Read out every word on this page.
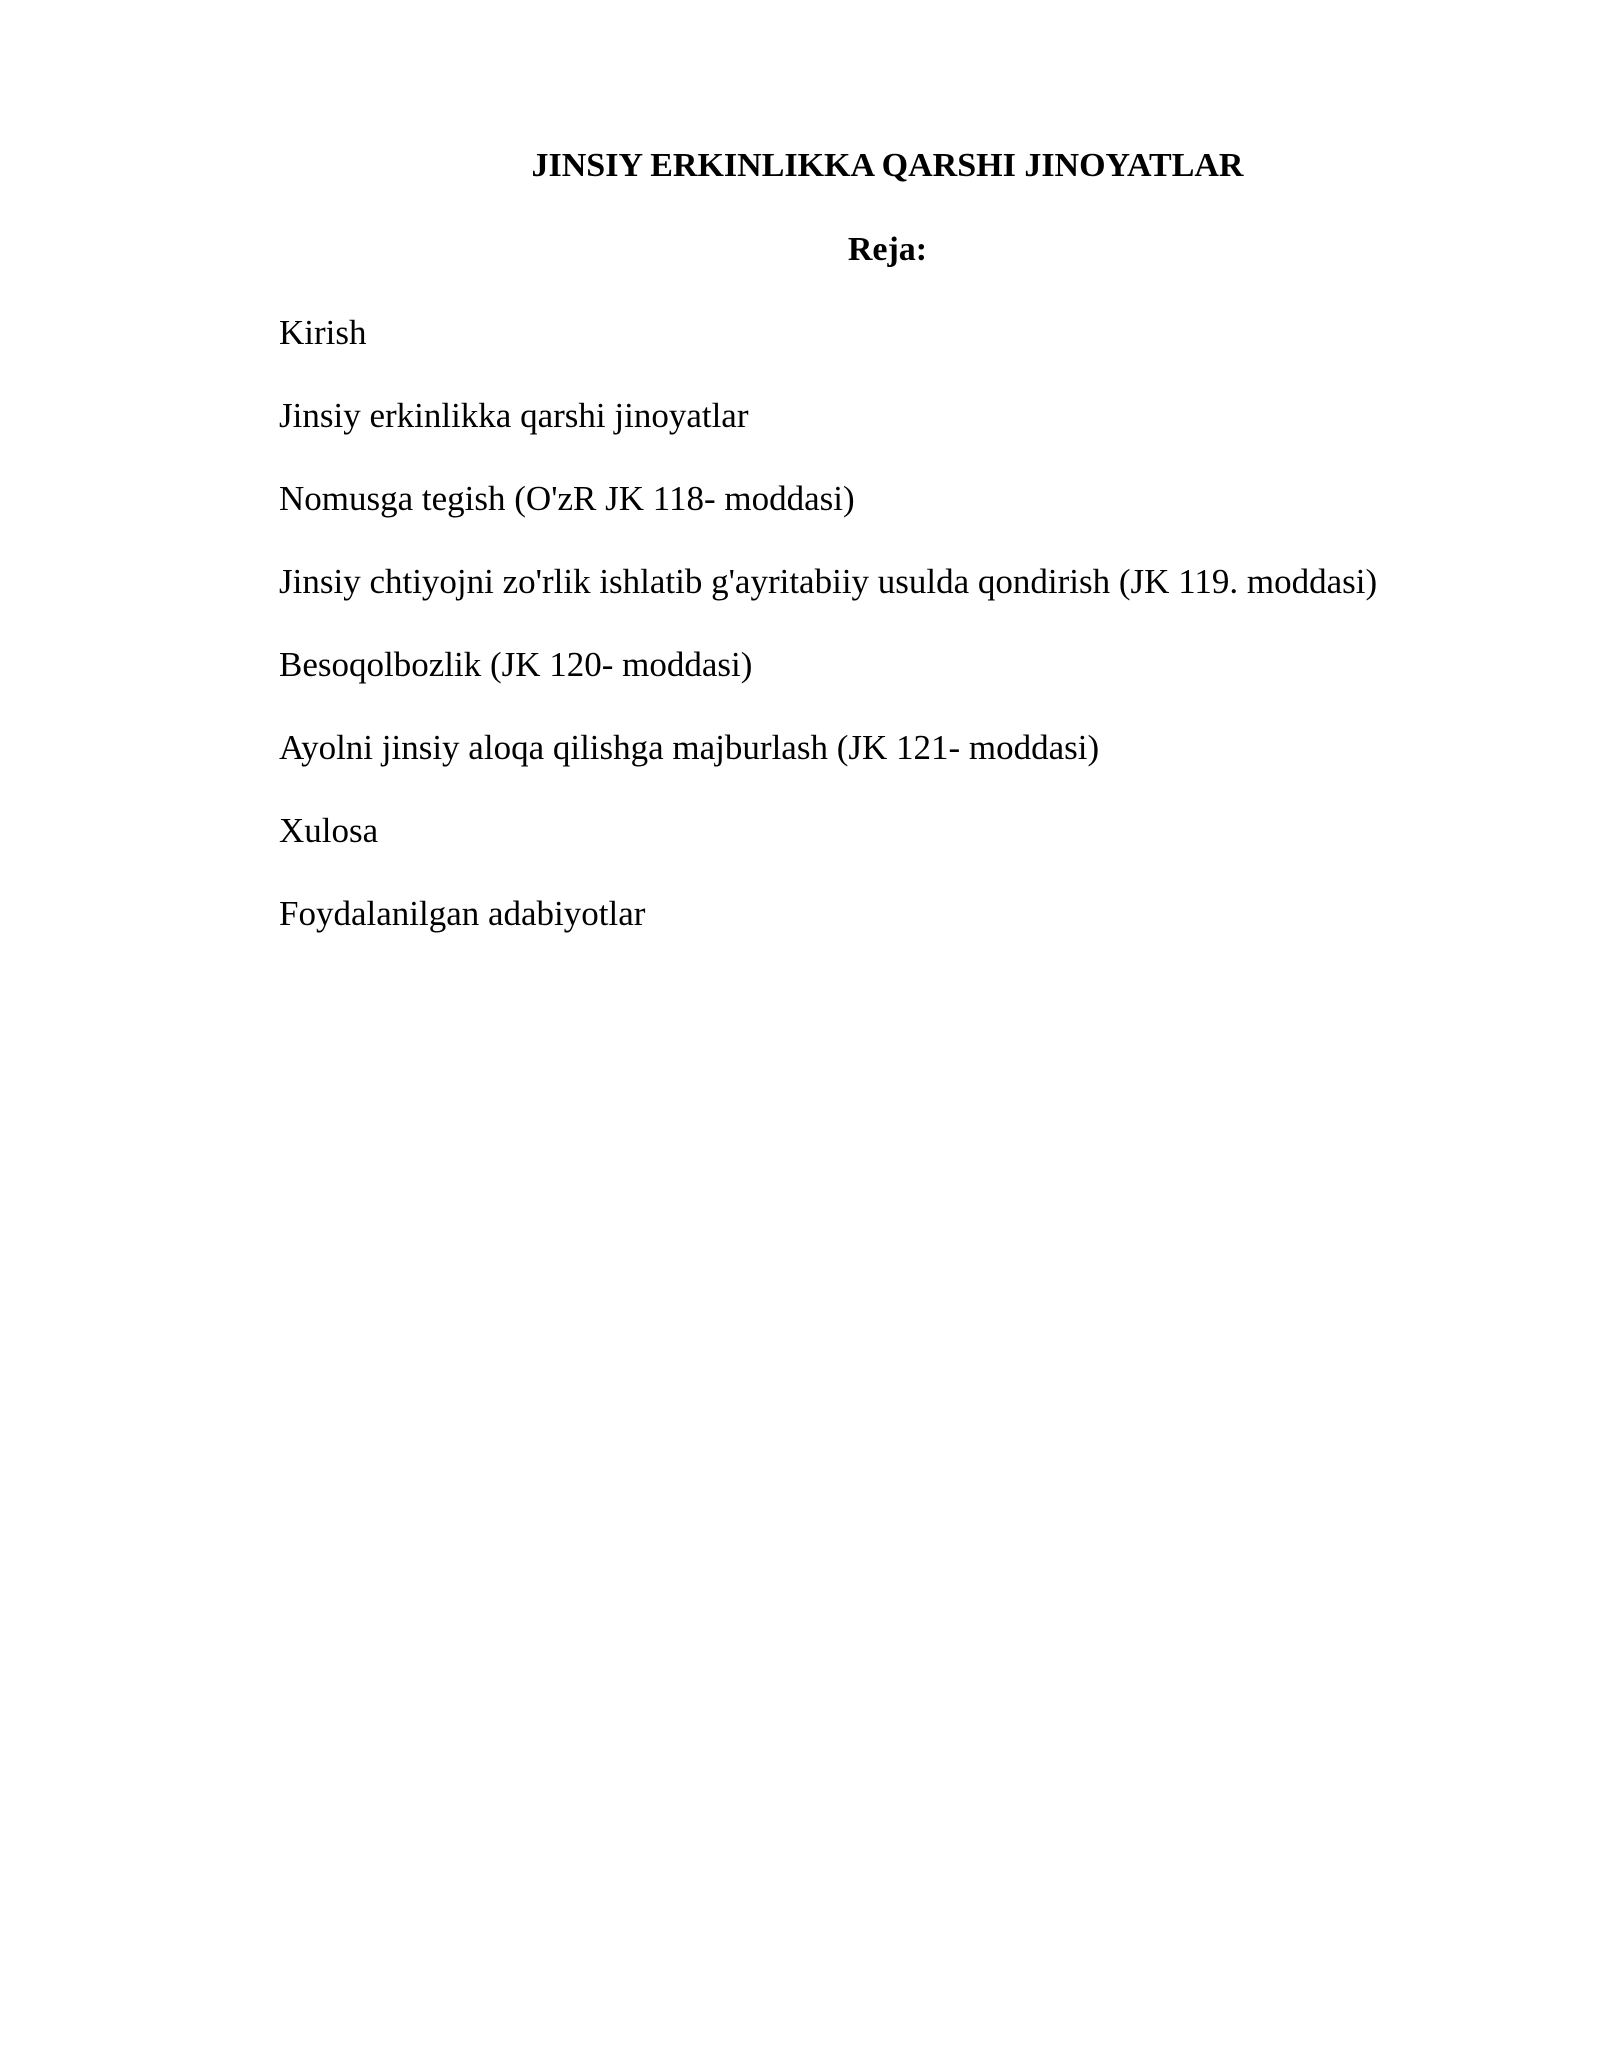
JINSIY ERKINLIKKA QARSHI JINOYATLAR
Reja:
Kirish
Jinsiy erkinlikka qarshi jinoyatlar
Nomusga tegish (O'zR JK 118- moddasi)
Jinsiy chtiyojni zo'rlik ishlatib g'ayritabiiy usulda qondirish (JK 119. moddasi)
Besoqolbozlik (JK 120- moddasi)
Ayolni jinsiy aloqa qilishga majburlash (JK 121- moddasi)
Xulosa
Foydalanilgan adabiyotlar
